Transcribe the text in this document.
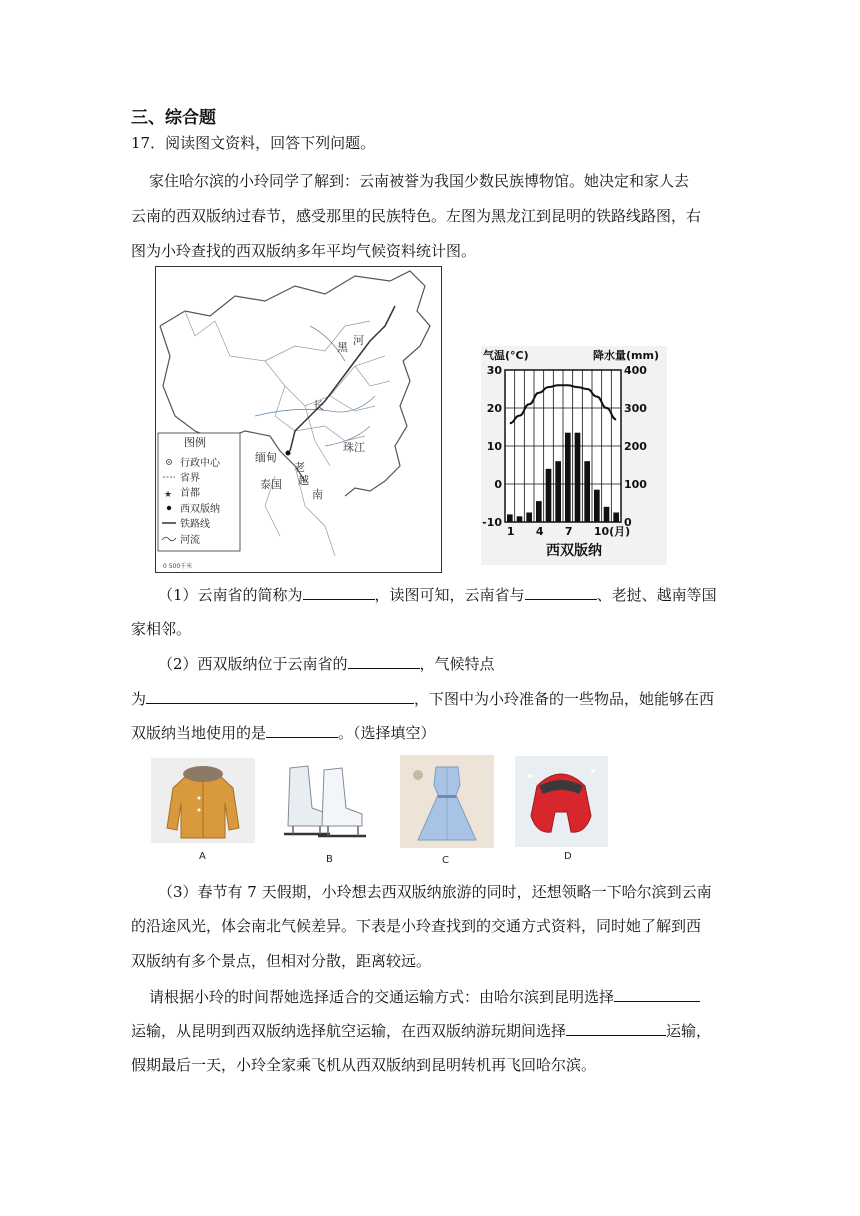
三、综合题
17．阅读图文资料，回答下列问题。
家住哈尔滨的小玲同学了解到：云南被誉为我国少数民族博物馆。她决定和家人去
云南的西双版纳过春节，感受那里的民族特色。左图为黑龙江到昆明的铁路线路图，右
图为小玲查找的西双版纳多年平均气候资料统计图。
黑
河
长
缅甸
老
泰国 越
珠江
南
图例
行政中心
省界
★ 首都
西双版纳
铁路线
河流
0 500千米
气温(°C)	降水量(mm)
30
20
10
0
-10
400
300
200
100
0
1 4 7 10(月)
西双版纳
（1）云南省的简称为	，读图可知，云南省与	、老挝、越南等国
家相邻。
（2）西双版纳位于云南省的	，气候特点
为	，下图中为小玲准备的一些物品，她能够在西
双版纳当地使用的是	。（选择填空）
A	B	C	D
（3）春节有 7 天假期，小玲想去西双版纳旅游的同时，还想领略一下哈尔滨到云南
的沿途风光，体会南北气候差异。下表是小玲查找到的交通方式资料，同时她了解到西
双版纳有多个景点，但相对分散，距离较远。
请根据小玲的时间帮她选择适合的交通运输方式：由哈尔滨到昆明选择
运输，从昆明到西双版纳选择航空运输，在西双版纳游玩期间选择	运输，
假期最后一天，小玲全家乘飞机从西双版纳到昆明转机再飞回哈尔滨。
